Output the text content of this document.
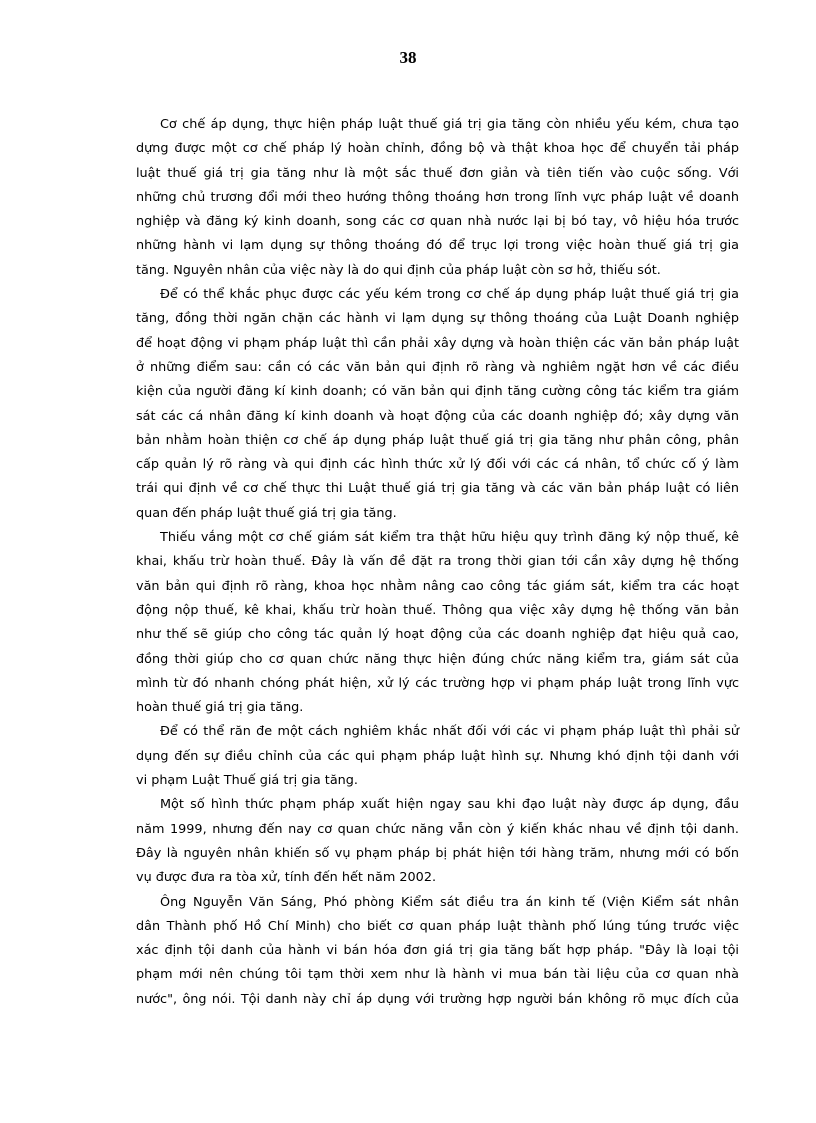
38

Cơ chế áp dụng, thực hiện pháp luật thuế giá trị gia tăng còn nhiều yếu kém, chưa tạo
dựng được một cơ chế pháp lý hoàn chỉnh, đồng bộ và thật khoa học để chuyển tải pháp
luật thuế giá trị gia tăng như là một sắc thuế đơn giản và tiên tiến vào cuộc sống. Với
những chủ trương đổi mới theo hướng thông thoáng hơn trong lĩnh vực pháp luật về doanh
nghiệp và đăng ký kinh doanh, song các cơ quan nhà nước lại bị bó tay, vô hiệu hóa trước
những hành vi lạm dụng sự thông thoáng đó để trục lợi trong việc hoàn thuế giá trị gia
tăng. Nguyên nhân của việc này là do qui định của pháp luật còn sơ hở, thiếu sót.

Để có thể khắc phục được các yếu kém trong cơ chế áp dụng pháp luật thuế giá trị gia
tăng, đồng thời ngăn chặn các hành vi lạm dụng sự thông thoáng của Luật Doanh nghiệp
để hoạt động vi phạm pháp luật thì cần phải xây dựng và hoàn thiện các văn bản pháp luật
ở những điểm sau: cần có các văn bản qui định rõ ràng và nghiêm ngặt hơn về các điều
kiện của người đăng kí kinh doanh; có văn bản qui định tăng cường công tác kiểm tra giám
sát các cá nhân đăng kí kinh doanh và hoạt động của các doanh nghiệp đó; xây dựng văn
bản nhằm hoàn thiện cơ chế áp dụng pháp luật thuế giá trị gia tăng như phân công, phân
cấp quản lý rõ ràng và qui định các hình thức xử lý đối với các cá nhân, tổ chức cố ý làm
trái qui định về cơ chế thực thi Luật thuế giá trị gia tăng và các văn bản pháp luật có liên
quan đến pháp luật thuế giá trị gia tăng.

Thiếu vắng một cơ chế giám sát kiểm tra thật hữu hiệu quy trình đăng ký nộp thuế, kê
khai, khấu trừ hoàn thuế. Đây là vấn đề đặt ra trong thời gian tới cần xây dựng hệ thống
văn bản qui định rõ ràng, khoa học nhằm nâng cao công tác giám sát, kiểm tra các hoạt
động nộp thuế, kê khai, khấu trừ hoàn thuế. Thông qua việc xây dựng hệ thống văn bản
như thế sẽ giúp cho công tác quản lý hoạt động của các doanh nghiệp đạt hiệu quả cao,
đồng thời giúp cho cơ quan chức năng thực hiện đúng chức năng kiểm tra, giám sát của
mình từ đó nhanh chóng phát hiện, xử lý các trường hợp vi phạm pháp luật trong lĩnh vực
hoàn thuế giá trị gia tăng.

Để có thể răn đe một cách nghiêm khắc nhất đối với các vi phạm pháp luật thì phải sử
dụng đến sự điều chỉnh của các qui phạm pháp luật hình sự. Nhưng khó định tội danh với
vi phạm Luật Thuế giá trị gia tăng.

Một số hình thức phạm pháp xuất hiện ngay sau khi đạo luật này được áp dụng, đầu
năm 1999, nhưng đến nay cơ quan chức năng vẫn còn ý kiến khác nhau về định tội danh.
Đây là nguyên nhân khiến số vụ phạm pháp bị phát hiện tới hàng trăm, nhưng mới có bốn
vụ được đưa ra tòa xử, tính đến hết năm 2002.

Ông Nguyễn Văn Sáng, Phó phòng Kiểm sát điều tra án kinh tế (Viện Kiểm sát nhân
dân Thành phố Hồ Chí Minh) cho biết cơ quan pháp luật thành phố lúng túng trước việc
xác định tội danh của hành vi bán hóa đơn giá trị gia tăng bất hợp pháp. "Đây là loại tội
phạm mới nên chúng tôi tạm thời xem như là hành vi mua bán tài liệu của cơ quan nhà
nước", ông nói. Tội danh này chỉ áp dụng với trường hợp người bán không rõ mục đích của
